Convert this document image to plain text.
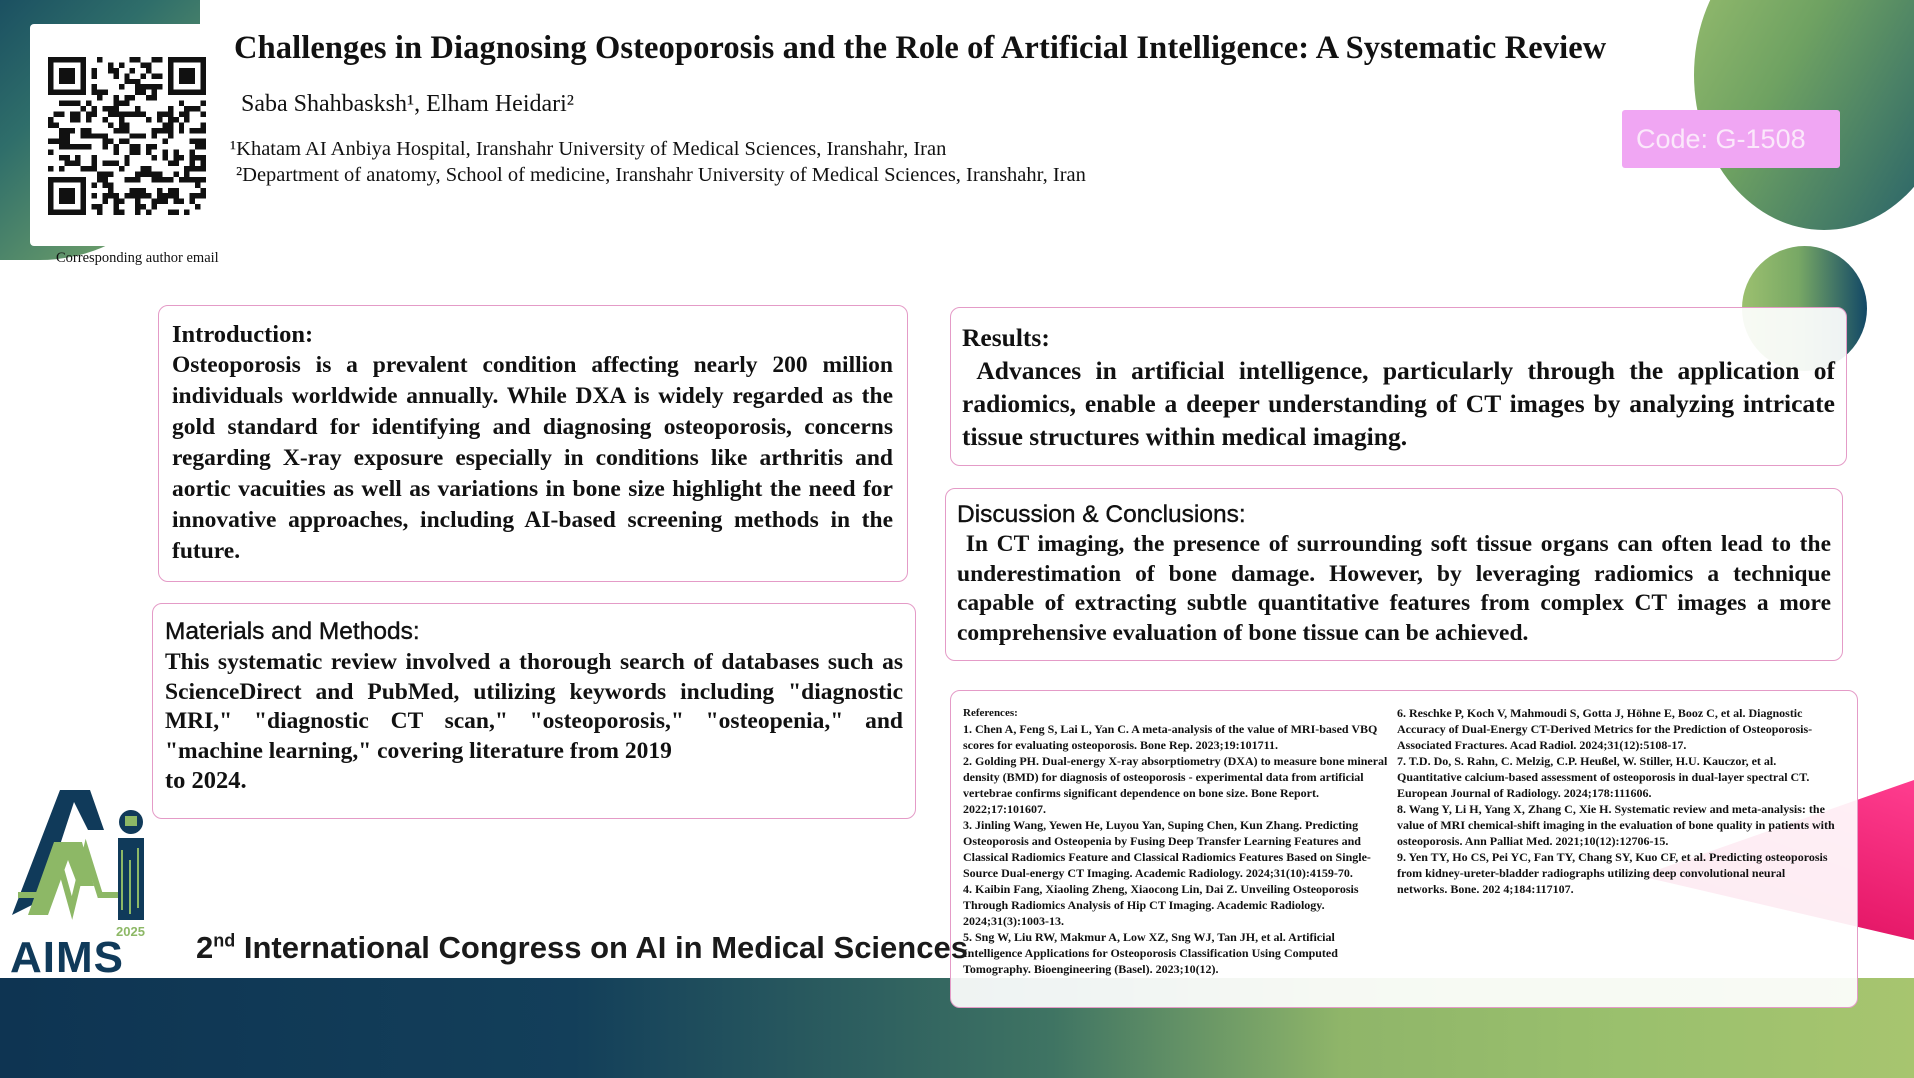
Corresponding author email
Challenges in Diagnosing Osteoporosis and the Role of Artificial Intelligence: A Systematic Review
Saba Shahbasksh¹, Elham Heidari²
¹Khatam AI Anbiya Hospital, Iranshahr University of Medical Sciences, Iranshahr, Iran
²Department of anatomy, School of medicine, Iranshahr University of Medical Sciences, Iranshahr, Iran
Code: G-1508
Introduction:
Osteoporosis is a prevalent condition affecting nearly 200 million individuals worldwide annually. While DXA is widely regarded as the gold standard for identifying and diagnosing osteoporosis, concerns regarding X-ray exposure especially in conditions like arthritis and aortic vacuities as well as variations in bone size highlight the need for innovative approaches, including AI-based screening methods in the future.
Materials and Methods:
This systematic review involved a thorough search of databases such as ScienceDirect and PubMed, utilizing keywords including "diagnostic MRI," "diagnostic CT scan," "osteoporosis," "osteopenia," and "machine learning," covering literature from 2019
to 2024.
Results:
Advances in artificial intelligence, particularly through the application of radiomics, enable a deeper understanding of CT images by analyzing intricate tissue structures within medical imaging.
Discussion & Conclusions:
In CT imaging, the presence of surrounding soft tissue organs can often lead to the underestimation of bone damage. However, by leveraging radiomics a technique capable of extracting subtle quantitative features from complex CT images a more comprehensive evaluation of bone tissue can be achieved.

References:

1. Chen A, Feng S, Lai L, Yan C. A meta-analysis of the value of MRI-based VBQ scores for evaluating osteoporosis. Bone Rep. 2023;19:101711.

2. Golding PH. Dual-energy X-ray absorptiometry (DXA) to measure bone mineral density (BMD) for diagnosis of osteoporosis - experimental data from artificial vertebrae confirms significant dependence on bone size. Bone Report. 2022;17:101607.

3. Jinling Wang, Yewen He, Luyou Yan, Suping Chen, Kun Zhang. Predicting Osteoporosis and Osteopenia by Fusing Deep Transfer Learning Features and Classical Radiomics Feature and Classical Radiomics Features Based on Single-Source Dual-energy CT Imaging. Academic Radiology. 2024;31(10):4159-70.

4. Kaibin Fang, Xiaoling Zheng, Xiaocong Lin, Dai Z. Unveiling Osteoporosis Through Radiomics Analysis of Hip CT Imaging. Academic Radiology. 2024;31(3):1003-13.

5. Sng W, Liu RW, Makmur A, Low XZ, Sng WJ, Tan JH, et al. Artificial Intelligence Applications for Osteoporosis Classification Using Computed Tomography. Bioengineering (Basel). 2023;10(12).

6. Reschke P, Koch V, Mahmoudi S, Gotta J, Höhne E, Booz C, et al. Diagnostic Accuracy of Dual-Energy CT-Derived Metrics for the Prediction of Osteoporosis-Associated Fractures. Acad Radiol. 2024;31(12):5108-17.

7. T.D. Do, S. Rahn, C. Melzig, C.P. Heußel, W. Stiller, H.U. Kauczor, et al. Quantitative calcium-based assessment of osteoporosis in dual-layer spectral CT. European Journal of Radiology. 2024;178:111606.

8. Wang Y, Li H, Yang X, Zhang C, Xie H. Systematic review and meta-analysis: the value of MRI chemical-shift imaging in the evaluation of bone quality in patients with osteoporosis. Ann Palliat Med. 2021;10(12):12706-15.

9. Yen TY, Ho CS, Pei YC, Fan TY, Chang SY, Kuo CF, et al. Predicting osteoporosis from kidney-ureter-bladder radiographs utilizing deep convolutional neural networks. Bone. 202 4;184:117107.

2025
AIMS 2nd International Congress on AI in Medical Sciences
